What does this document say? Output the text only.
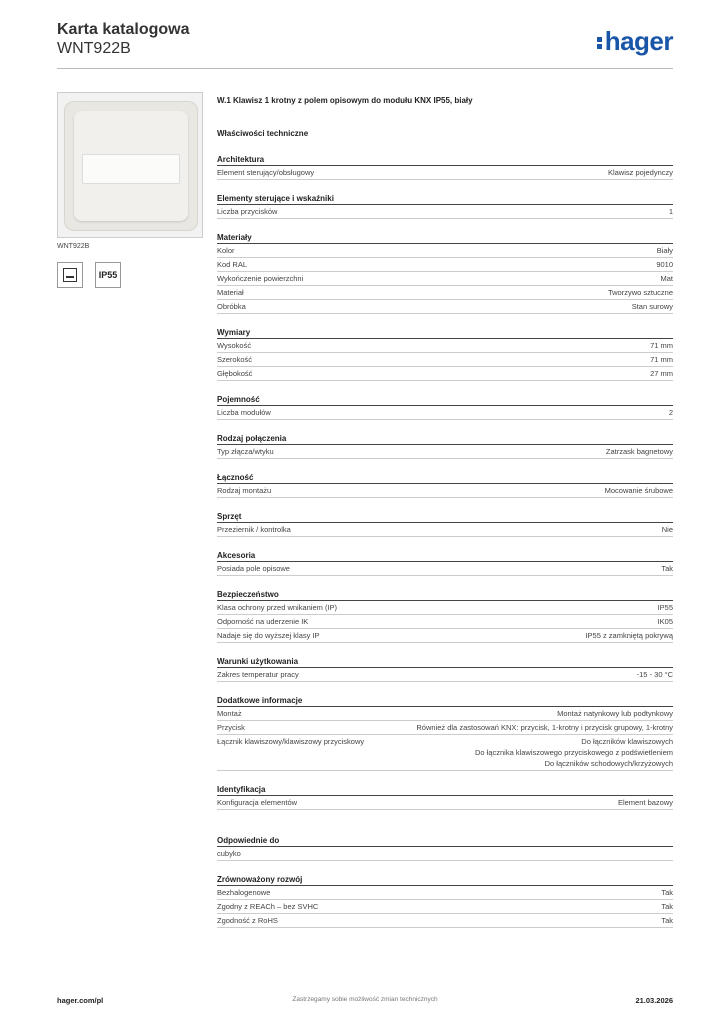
Karta katalogowa
WNT922B	hager
WNT922B
IP55
W.1 Klawisz 1 krotny z polem opisowym do modułu KNX IP55, biały
Właściwości techniczne
Architektura
Element sterujący/obsługowy	Klawisz pojedynczy
Elementy sterujące i wskaźniki
Liczba przycisków	1
Materiały
Kolor	Biały
Kod RAL	9010
Wykończenie powierzchni	Mat
Materiał	Tworzywo sztuczne
Obróbka	Stan surowy
Wymiary
Wysokość	71 mm
Szerokość	71 mm
Głębokość	27 mm
Pojemność
Liczba modułów	2
Rodzaj połączenia
Typ złącza/wtyku	Zatrzask bagnetowy
Łączność
Rodzaj montażu	Mocowanie śrubowe
Sprzęt
Przeziernik / kontrolka	Nie
Akcesoria
Posiada pole opisowe	Tak
Bezpieczeństwo
Klasa ochrony przed wnikaniem (IP)	IP55
Odporność na uderzenie IK	IK05
Nadaje się do wyższej klasy IP	IP55 z zamkniętą pokrywą
Warunki użytkowania
Zakres temperatur pracy	-15 - 30 °C
Dodatkowe informacje
Montaż	Montaż natynkowy lub podtynkowy
Przycisk	Również dla zastosowań KNX: przycisk, 1-krotny i przycisk grupowy, 1-krotny
Łącznik klawiszowy/klawiszowy przyciskowy	Do łączników klawiszowych
Do łącznika klawiszowego przyciskowego z podświetleniem
Do łączników schodowych/krzyżowych
Identyfikacja
Konfiguracja elementów	Element bazowy
Odpowiednie do
cubyko
Zrównoważony rozwój
Bezhalogenowe	Tak
Zgodny z REACh – bez SVHC	Tak
Zgodność z RoHS	Tak
hager.com/pl	Zastrzegamy sobie możliwość zmian technicznych	21.03.2026
